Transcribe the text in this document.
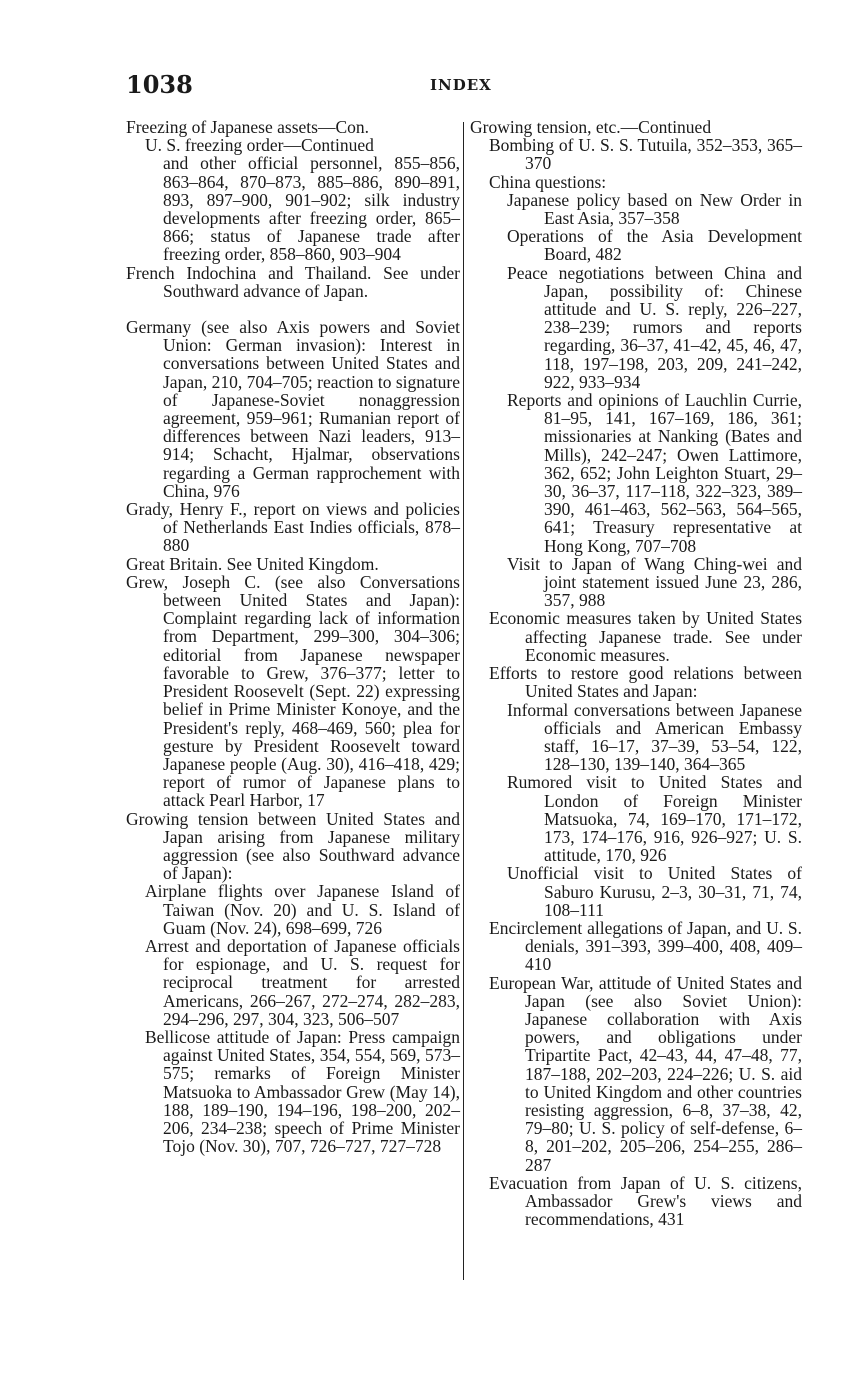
1038	INDEX

Freezing of Japanese assets—Con.

U. S. freezing order—Continued

and other official personnel, 855–856, 863–864, 870–873, 885–886, 890–891, 893, 897–900, 901–902; silk industry developments after freezing order, 865–866; status of Japanese trade after freezing order, 858–860, 903–904

French Indochina and Thailand. See under Southward advance of Japan.

Germany (see also Axis powers and Soviet Union: German invasion): Interest in conversations between United States and Japan, 210, 704–705; reaction to signature of Japanese-Soviet nonaggression agreement, 959–961; Rumanian report of differences between Nazi leaders, 913–914; Schacht, Hjalmar, observations regarding a German rapprochement with China, 976

Grady, Henry F., report on views and policies of Netherlands East Indies officials, 878–880

Great Britain. See United Kingdom.

Grew, Joseph C. (see also Conversations between United States and Japan): Complaint regarding lack of information from Department, 299–300, 304–306; editorial from Japanese newspaper favorable to Grew, 376–377; letter to President Roosevelt (Sept. 22) expressing belief in Prime Minister Konoye, and the President's reply, 468–469, 560; plea for gesture by President Roosevelt toward Japanese people (Aug. 30), 416–418, 429; report of rumor of Japanese plans to attack Pearl Harbor, 17

Growing tension between United States and Japan arising from Japanese military aggression (see also Southward advance of Japan):

Airplane flights over Japanese Island of Taiwan (Nov. 20) and U. S. Island of Guam (Nov. 24), 698–699, 726

Arrest and deportation of Japanese officials for espionage, and U. S. request for reciprocal treatment for arrested Americans, 266–267, 272–274, 282–283, 294–296, 297, 304, 323, 506–507

Bellicose attitude of Japan: Press campaign against United States, 354, 554, 569, 573–575; remarks of Foreign Minister Matsuoka to Ambassador Grew (May 14), 188, 189–190, 194–196, 198–200, 202–206, 234–238; speech of Prime Minister Tojo (Nov. 30), 707, 726–727, 727–728

Growing tension, etc.—Continued

Bombing of U. S. S. Tutuila, 352–353, 365–370

China questions:

Japanese policy based on New Order in East Asia, 357–358

Operations of the Asia Development Board, 482

Peace negotiations between China and Japan, possibility of: Chinese attitude and U. S. reply, 226–227, 238–239; rumors and reports regarding, 36–37, 41–42, 45, 46, 47, 118, 197–198, 203, 209, 241–242, 922, 933–934

Reports and opinions of Lauchlin Currie, 81–95, 141, 167–169, 186, 361; missionaries at Nanking (Bates and Mills), 242–247; Owen Lattimore, 362, 652; John Leighton Stuart, 29–30, 36–37, 117–118, 322–323, 389–390, 461–463, 562–563, 564–565, 641; Treasury representative at Hong Kong, 707–708

Visit to Japan of Wang Ching-wei and joint statement issued June 23, 286, 357, 988

Economic measures taken by United States affecting Japanese trade. See under Economic measures.

Efforts to restore good relations between United States and Japan:

Informal conversations between Japanese officials and American Embassy staff, 16–17, 37–39, 53–54, 122, 128–130, 139–140, 364–365

Rumored visit to United States and London of Foreign Minister Matsuoka, 74, 169–170, 171–172, 173, 174–176, 916, 926–927; U. S. attitude, 170, 926

Unofficial visit to United States of Saburo Kurusu, 2–3, 30–31, 71, 74, 108–111

Encirclement allegations of Japan, and U. S. denials, 391–393, 399–400, 408, 409–410

European War, attitude of United States and Japan (see also Soviet Union): Japanese collaboration with Axis powers, and obligations under Tripartite Pact, 42–43, 44, 47–48, 77, 187–188, 202–203, 224–226; U. S. aid to United Kingdom and other countries resisting aggression, 6–8, 37–38, 42, 79–80; U. S. policy of self-defense, 6–8, 201–202, 205–206, 254–255, 286–287

Evacuation from Japan of U. S. citizens, Ambassador Grew's views and recommendations, 431
